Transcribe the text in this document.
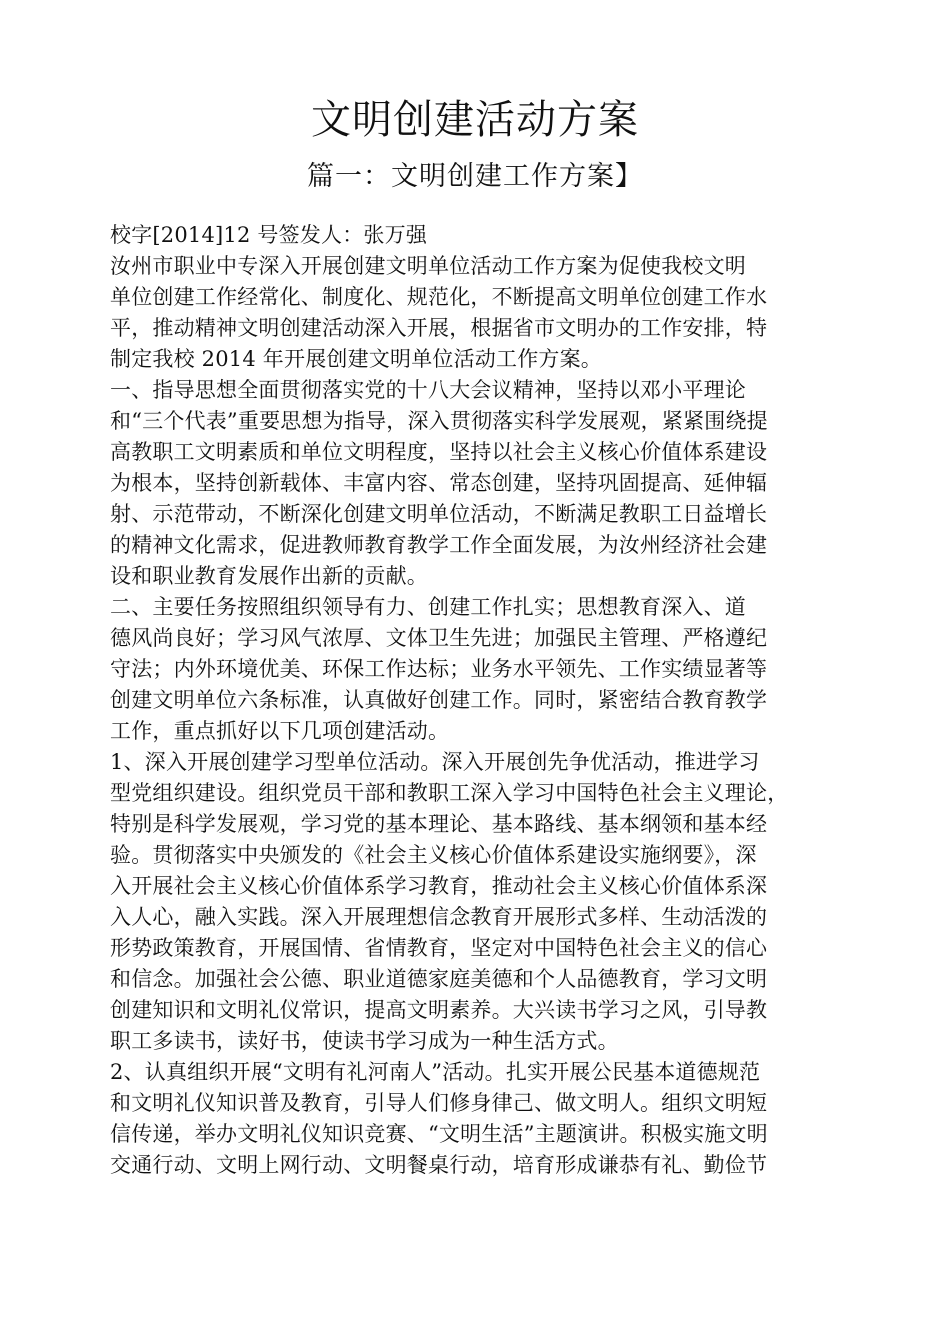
文明创建活动方案
篇一：文明创建工作方案】
校字[2014]12 号签发人：张万强
汝州市职业中专深入开展创建文明单位活动工作方案为促使我校文明
单位创建工作经常化、制度化、规范化，不断提高文明单位创建工作水
平，推动精神文明创建活动深入开展，根据省市文明办的工作安排，特
制定我校 2014 年开展创建文明单位活动工作方案。
一、指导思想全面贯彻落实党的十八大会议精神，坚持以邓小平理论
和“三个代表”重要思想为指导，深入贯彻落实科学发展观，紧紧围绕提
高教职工文明素质和单位文明程度，坚持以社会主义核心价值体系建设
为根本，坚持创新载体、丰富内容、常态创建，坚持巩固提高、延伸辐
射、示范带动，不断深化创建文明单位活动，不断满足教职工日益增长
的精神文化需求，促进教师教育教学工作全面发展，为汝州经济社会建
设和职业教育发展作出新的贡献。
二、主要任务按照组织领导有力、创建工作扎实；思想教育深入、道
德风尚良好；学习风气浓厚、文体卫生先进；加强民主管理、严格遵纪
守法；内外环境优美、环保工作达标；业务水平领先、工作实绩显著等
创建文明单位六条标准，认真做好创建工作。同时，紧密结合教育教学
工作，重点抓好以下几项创建活动。
1、深入开展创建学习型单位活动。深入开展创先争优活动，推进学习
型党组织建设。组织党员干部和教职工深入学习中国特色社会主义理论，
特别是科学发展观，学习党的基本理论、基本路线、基本纲领和基本经
验。贯彻落实中央颁发的《社会主义核心价值体系建设实施纲要》，深
入开展社会主义核心价值体系学习教育，推动社会主义核心价值体系深
入人心，融入实践。深入开展理想信念教育开展形式多样、生动活泼的
形势政策教育，开展国情、省情教育，坚定对中国特色社会主义的信心
和信念。加强社会公德、职业道德家庭美德和个人品德教育，学习文明
创建知识和文明礼仪常识，提高文明素养。大兴读书学习之风，引导教
职工多读书，读好书，使读书学习成为一种生活方式。
2、认真组织开展“文明有礼河南人”活动。扎实开展公民基本道德规范
和文明礼仪知识普及教育，引导人们修身律己、做文明人。组织文明短
信传递，举办文明礼仪知识竞赛、“文明生活”主题演讲。积极实施文明
交通行动、文明上网行动、文明餐桌行动，培育形成谦恭有礼、勤俭节
